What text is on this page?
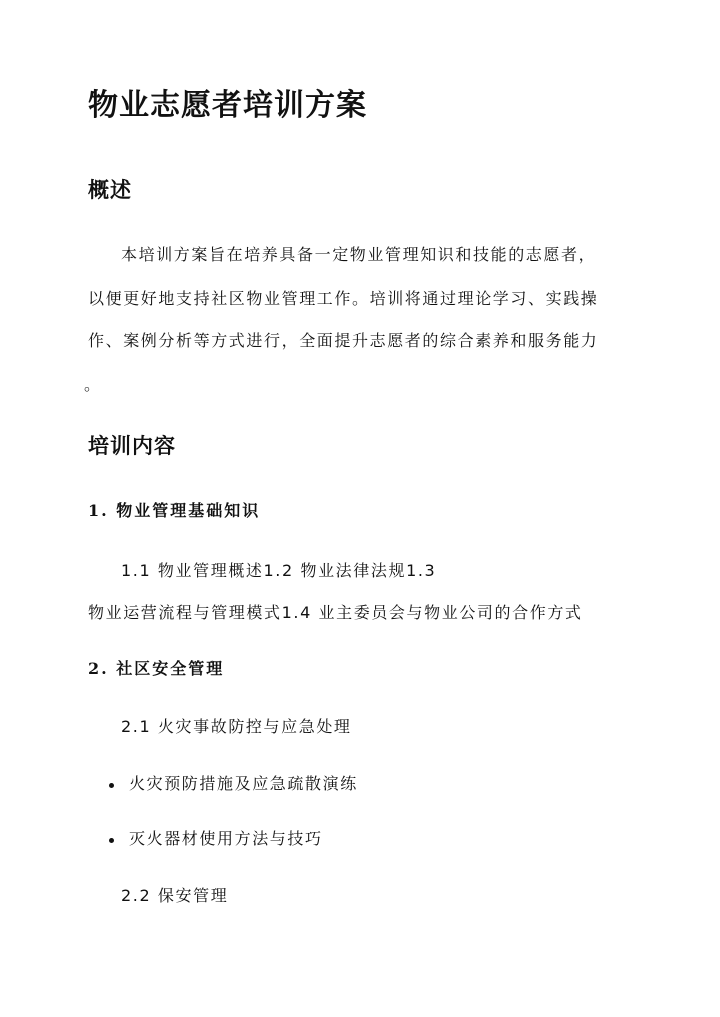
物业志愿者培训方案
概述

本培训方案旨在培养具备一定物业管理知识和技能的志愿者，

以便更好地支持社区物业管理工作。培训将通过理论学习、实践操

作、案例分析等方式进行，全面提升志愿者的综合素养和服务能力

。

培训内容
1. 物业管理基础知识

1.1 物业管理概述1.2 物业法律法规1.3

物业运营流程与管理模式1.4 业主委员会与物业公司的合作方式

2. 社区安全管理

2.1 火灾事故防控与应急处理

火灾预防措施及应急疏散演练

灭火器材使用方法与技巧

2.2 保安管理
